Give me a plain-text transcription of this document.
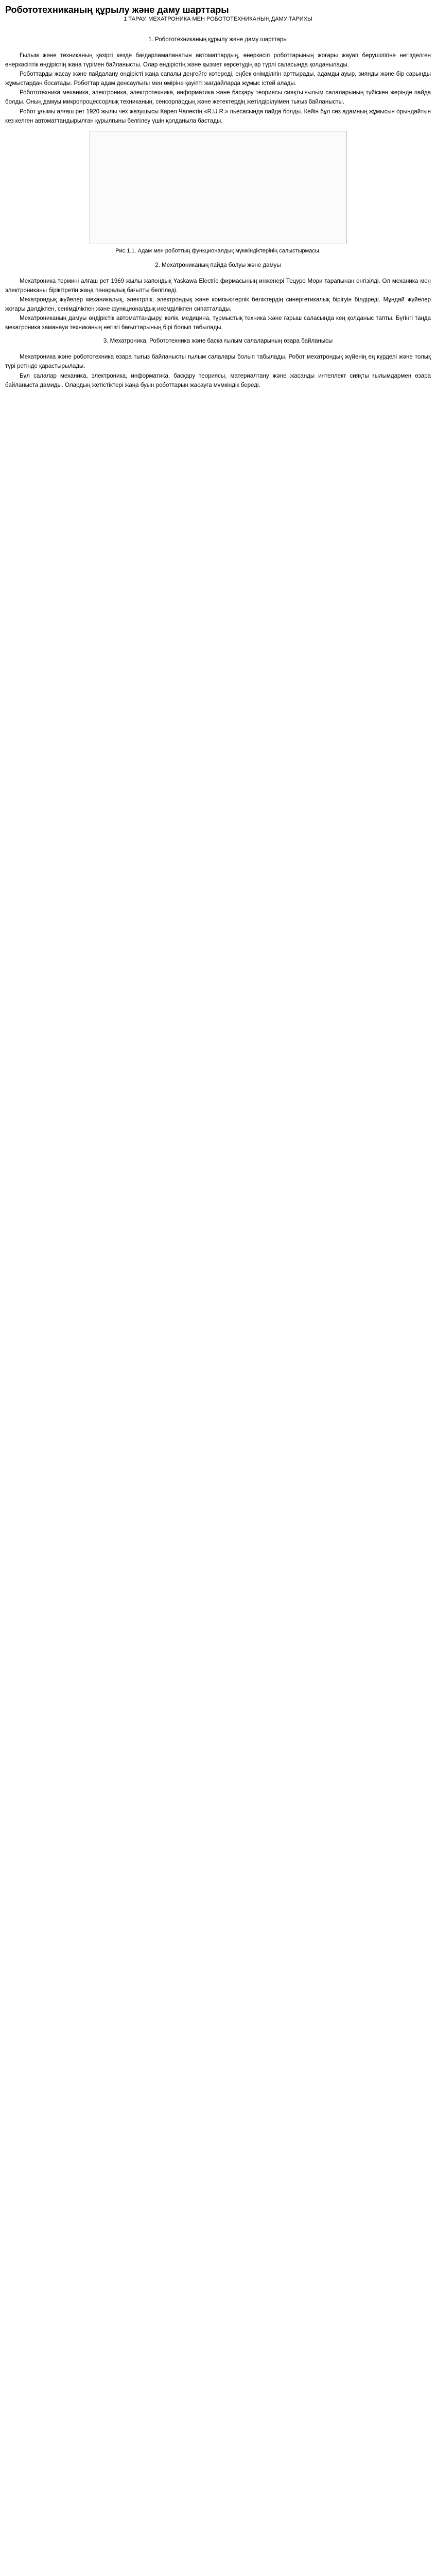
Робототехниканың құрылу және даму шарттары
1 ТАРАУ. МЕХАТРОНИКА МЕН РОБОТОТЕХНИКАНЫҢ ДАМУ ТАРИХЫ
1. Робототехниканың құрылу және даму шарттары

Ғылым және техниканың қазіргі кезде бағдарламаланатын автоматтардың, өнеркәсіп роботтарының жоғары жауап берушілігіне негізделген өнеркәсіптік өндірістің жаңа түрімен байланысты. Олар өндірістің және қызмет көрсетудің әр түрлі саласында қолданылады.

Роботтарды жасау және пайдалану өндірісті жаңа сапалы деңгейге көтереді, еңбек өнімділігін арттырады, адамды ауыр, зиянды және бір сарынды жұмыстардан босатады. Роботтар адам денсаулығы мен өміріне қауіпті жағдайларда жұмыс істей алады.

Робототехника механика, электроника, электротехника, информатика және басқару теориясы сияқты ғылым салаларының түйіскен жерінде пайда болды. Оның дамуы микропроцессорлық техниканың, сенсорлардың және жетектердің жетілдірілуімен тығыз байланысты.

Робот ұғымы алғаш рет 1920 жылы чех жазушысы Карел Чапектің «R.U.R.» пьесасында пайда болды. Кейін бұл сөз адамның жұмысын орындайтын кез келген автоматтандырылған құрылғыны белгілеу үшін қолданыла бастады.

Рис.1.1. Адам мен роботтың функционалдық мүмкіндіктерінің салыстырмасы.
2. Мехатрониканың пайда болуы және дамуы

Мехатроника термині алғаш рет 1969 жылы жапондық Yaskawa Electric фирмасының инженері Тецуро Мори тарапынан енгізілді. Ол механика мен электрониканы біріктіретін жаңа пәнаралық бағытты белгіледі.

Мехатрондық жүйелер механикалық, электрлік, электрондық және компьютерлік бөліктердің синергетикалық бірігуін білдіреді. Мұндай жүйелер жоғары дәлдікпен, сенімділікпен және функционалдық икемділікпен сипатталады.

Мехатрониканың дамуы өндірістік автоматтандыру, көлік, медицина, тұрмыстық техника және ғарыш саласында кең қолданыс тапты. Бүгінгі таңда мехатроника заманауи техниканың негізгі бағыттарының бірі болып табылады.

3. Мехатроника, Робототехника және басқа ғылым салаларының өзара байланысы

Мехатроника және робототехника өзара тығыз байланысты ғылым салалары болып табылады. Робот мехатрондық жүйенің ең күрделі және толық түрі ретінде қарастырылады.

Бұл салалар механика, электроника, информатика, басқару теориясы, материалтану және жасанды интеллект сияқты ғылымдармен өзара байланыста дамиды. Олардың жетістіктері жаңа буын роботтарын жасауға мүмкіндік береді.
